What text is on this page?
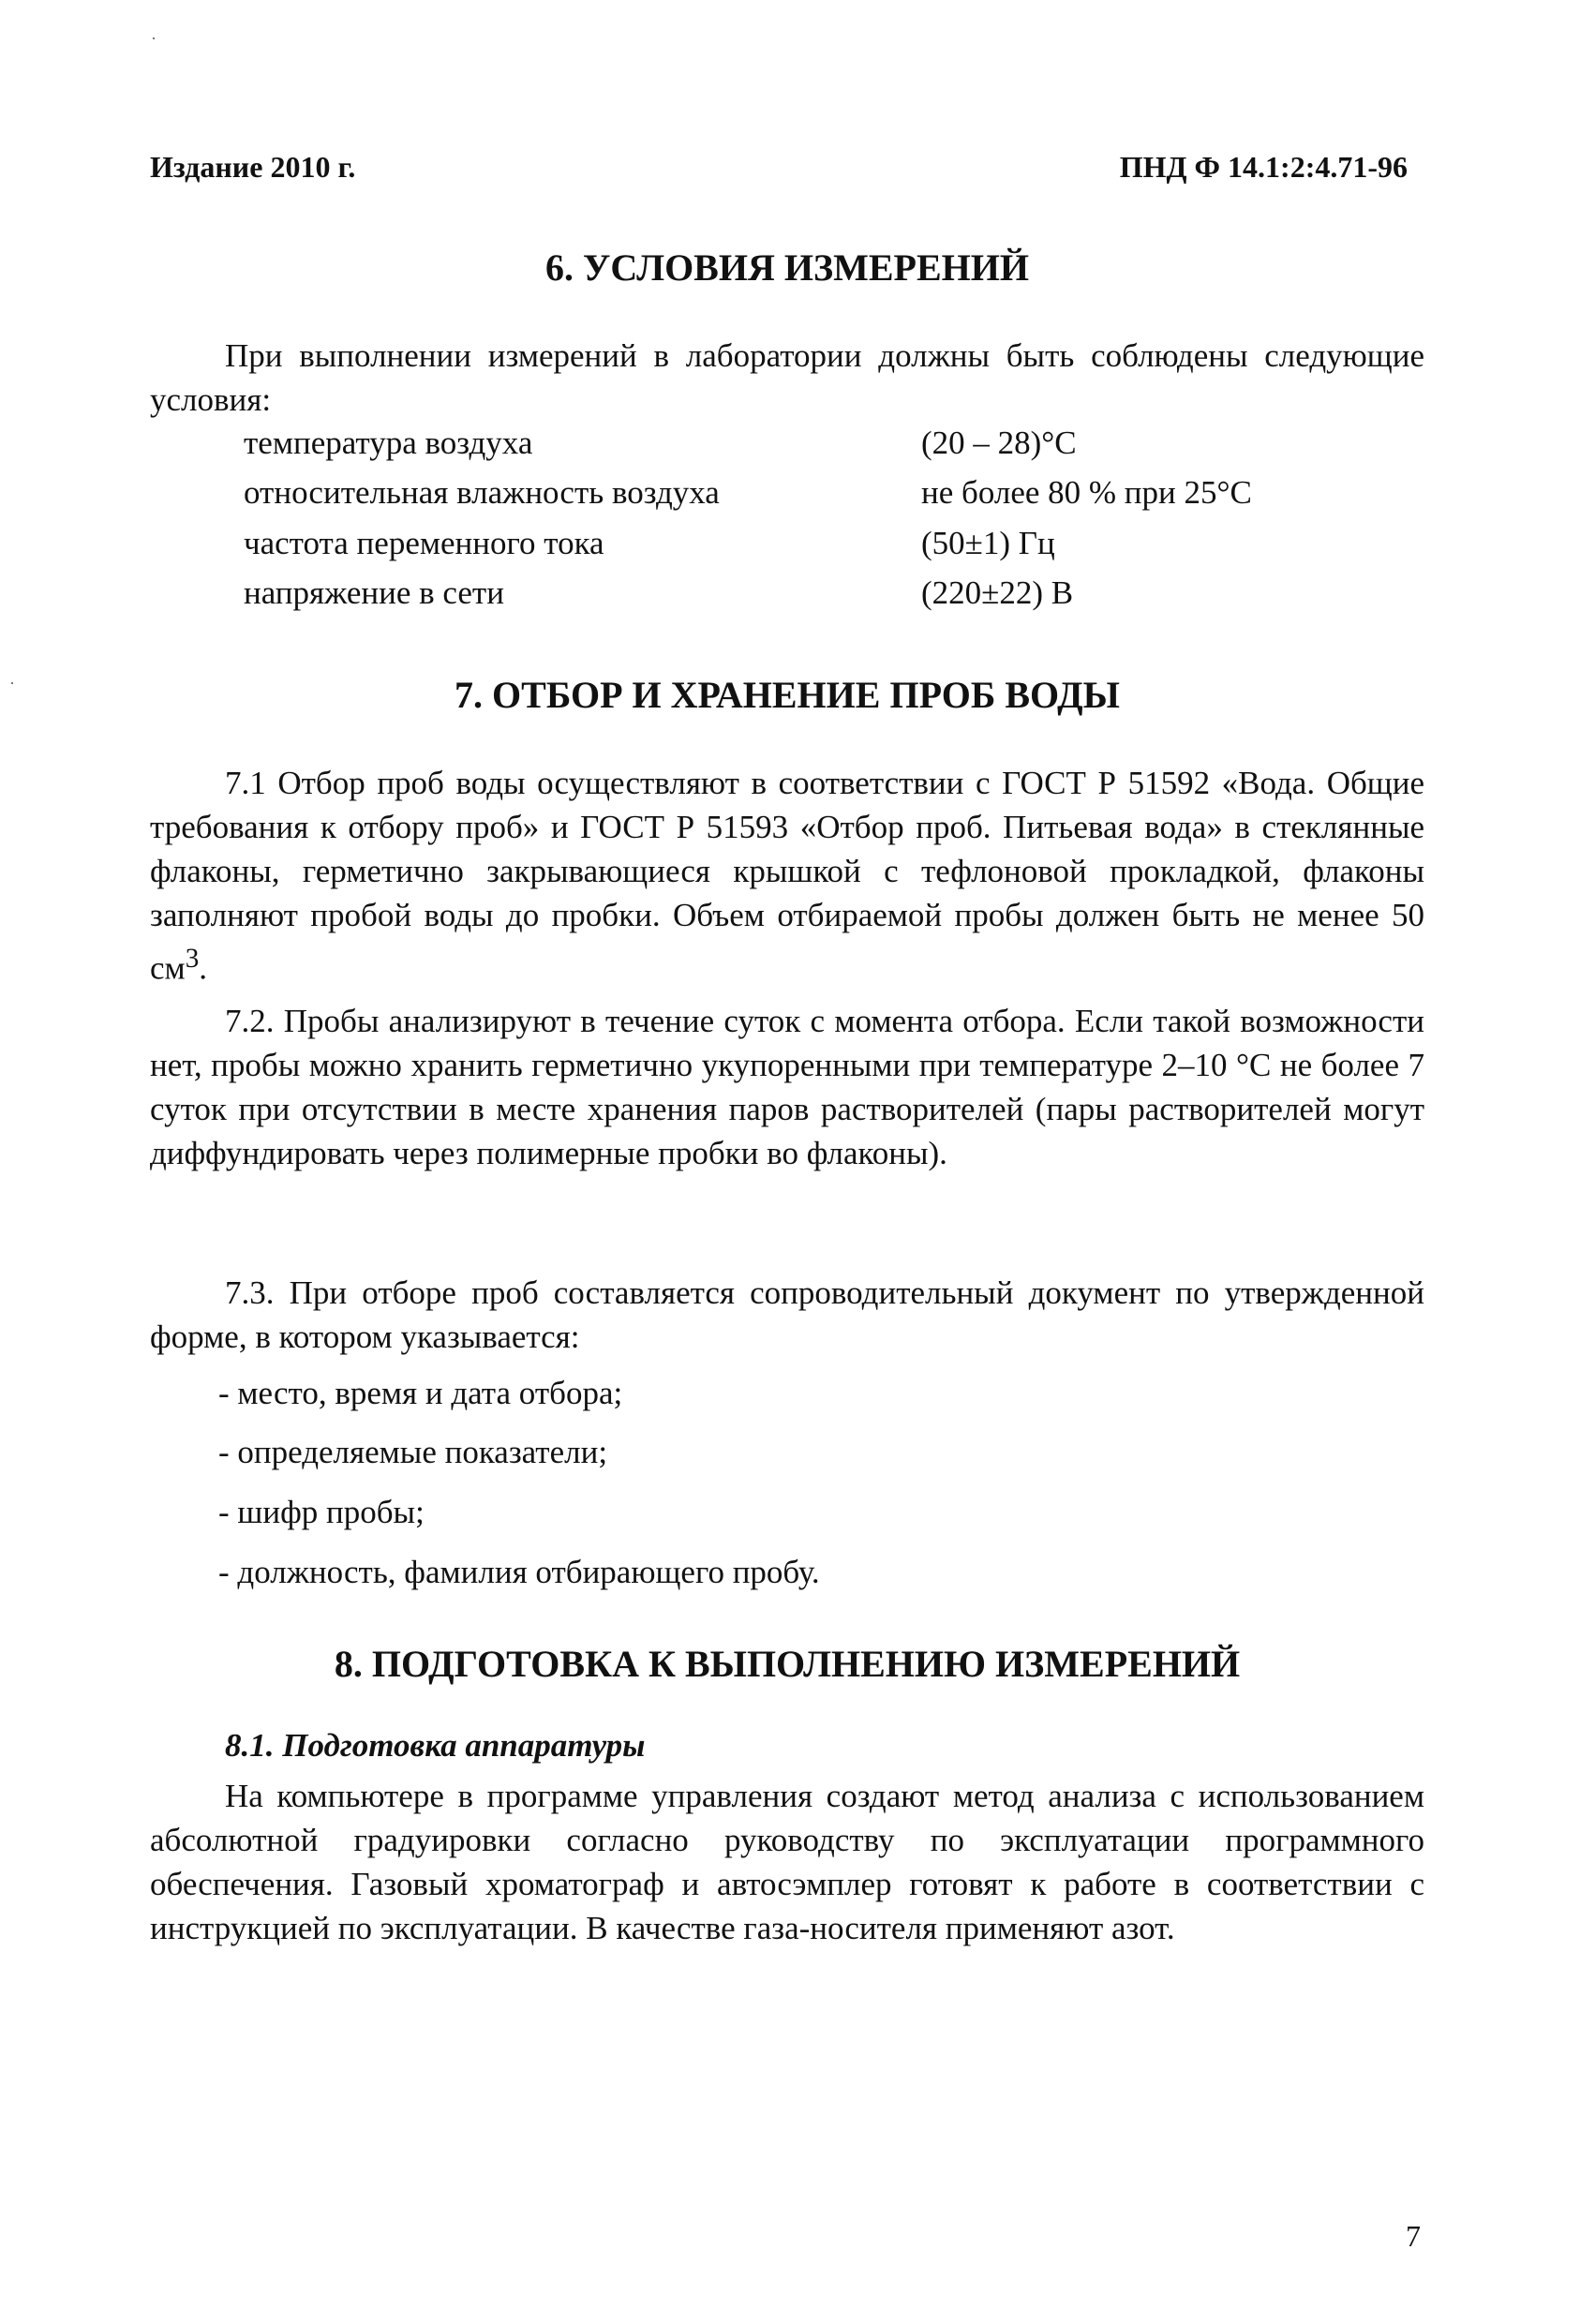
Издание 2010 г.	ПНД Ф 14.1:2:4.71-96
6. УСЛОВИЯ ИЗМЕРЕНИЙ
При выполнении измерений в лаборатории должны быть соблюдены следующие условия:
температура воздуха	(20 – 28)°С
относительная влажность воздуха	не более 80 % при 25°С
частота переменного тока	(50±1) Гц
напряжение в сети	(220±22) В
7. ОТБОР И ХРАНЕНИЕ ПРОБ ВОДЫ
7.1 Отбор проб воды осуществляют в соответствии с ГОСТ Р 51592 «Вода. Общие требования к отбору проб» и ГОСТ Р 51593 «Отбор проб. Питьевая вода» в стеклянные флаконы, герметично закрывающиеся крышкой с тефлоновой прокладкой, флаконы заполняют пробой воды до пробки. Объем отбираемой пробы должен быть не менее 50 $см^3$.
7.2. Пробы анализируют в течение суток с момента отбора. Если такой возможности нет, пробы можно хранить герметично укупоренными при температуре 2–10 °С не более 7 суток при отсутствии в месте хранения паров растворителей (пары растворителей могут диффундировать через полимерные пробки во флаконы).
7.3. При отборе проб составляется сопроводительный документ по утвержденной форме, в котором указывается:
- место, время и дата отбора;
- определяемые показатели;
- шифр пробы;
- должность, фамилия отбирающего пробу.
8. ПОДГОТОВКА К ВЫПОЛНЕНИЮ ИЗМЕРЕНИЙ
8.1. Подготовка аппаратуры
На компьютере в программе управления создают метод анализа с использованием абсолютной градуировки согласно руководству по эксплуатации программного обеспечения. Газовый хроматограф и автосэмплер готовят к работе в соответствии с инструкцией по эксплуатации. В качестве газа-носителя применяют азот.
7
